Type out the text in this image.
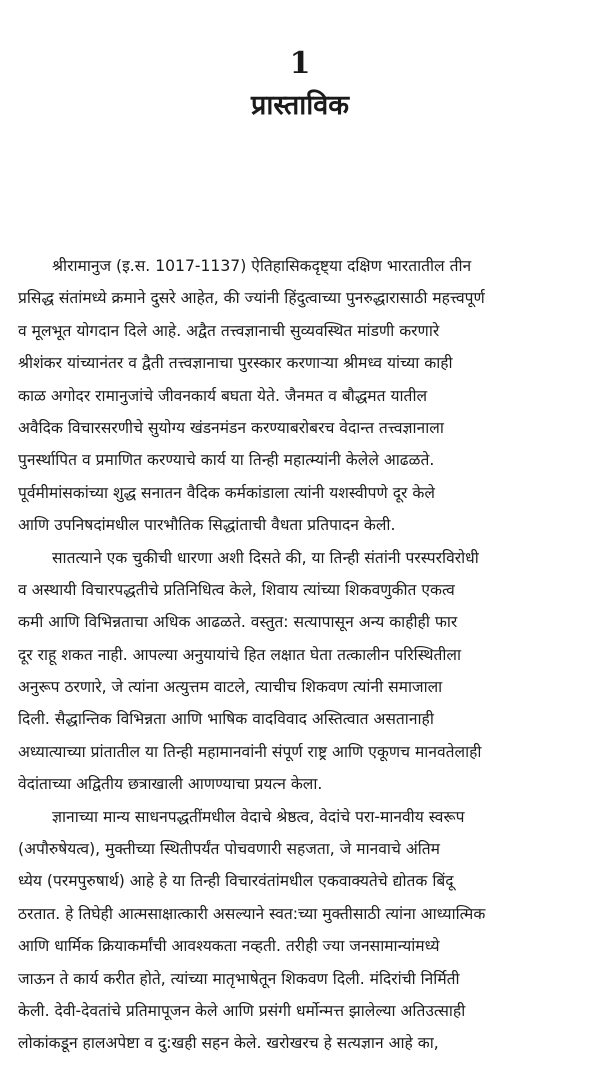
1
प्रास्ताविक
श्रीरामानुज (इ.स. 1017-1137) ऐतिहासिकदृष्ट्या दक्षिण भारतातील तीन
प्रसिद्ध संतांमध्ये क्रमाने दुसरे आहेत, की ज्यांनी हिंदुत्वाच्या पुनरुद्धारासाठी महत्त्वपूर्ण
व मूलभूत योगदान दिले आहे. अद्वैत तत्त्वज्ञानाची सुव्यवस्थित मांडणी करणारे
श्रीशंकर यांच्यानंतर व द्वैती तत्त्वज्ञानाचा पुरस्कार करणाऱ्या श्रीमध्व यांच्या काही
काळ अगोदर रामानुजांचे जीवनकार्य बघता येते. जैनमत व बौद्धमत यातील
अवैदिक विचारसरणीचे सुयोग्य खंडनमंडन करण्याबरोबरच वेदान्त तत्त्वज्ञानाला
पुनर्स्थापित व प्रमाणित करण्याचे कार्य या तिन्ही महात्म्यांनी केलेले आढळते.
पूर्वमीमांसकांच्या शुद्ध सनातन वैदिक कर्मकांडाला त्यांनी यशस्वीपणे दूर केले
आणि उपनिषदांमधील पारभौतिक सिद्धांताची वैधता प्रतिपादन केली.
सातत्याने एक चुकीची धारणा अशी दिसते की, या तिन्ही संतांनी परस्परविरोधी
व अस्थायी विचारपद्धतीचे प्रतिनिधित्व केले, शिवाय त्यांच्या शिकवणुकीत एकत्व
कमी आणि विभिन्नताचा अधिक आढळते. वस्तुत: सत्यापासून अन्य काहीही फार
दूर राहू शकत नाही. आपल्या अनुयायांचे हित लक्षात घेता तत्कालीन परिस्थितीला
अनुरूप ठरणारे, जे त्यांना अत्युत्तम वाटले, त्याचीच शिकवण त्यांनी समाजाला
दिली. सैद्धान्तिक विभिन्नता आणि भाषिक वादविवाद अस्तित्वात असतानाही
अध्यात्याच्या प्रांतातील या तिन्ही महामानवांनी संपूर्ण राष्ट्र आणि एकूणच मानवतेलाही
वेदांताच्या अद्वितीय छत्राखाली आणण्याचा प्रयत्न केला.
ज्ञानाच्या मान्य साधनपद्धतींमधील वेदाचे श्रेष्ठत्व, वेदांचे परा-मानवीय स्वरूप
(अपौरुषेयत्व), मुक्तीच्या स्थितीपर्यंत पोचवणारी सहजता, जे मानवाचे अंतिम
ध्येय (परमपुरुषार्थ) आहे हे या तिन्ही विचारवंतांमधील एकवाक्यतेचे द्योतक बिंदू
ठरतात. हे तिघेही आत्मसाक्षात्कारी असल्याने स्वत:च्या मुक्तीसाठी त्यांना आध्यात्मिक
आणि धार्मिक क्रियाकर्मांची आवश्यकता नव्हती. तरीही ज्या जनसामान्यांमध्ये
जाऊन ते कार्य करीत होते, त्यांच्या मातृभाषेतून शिकवण दिली. मंदिरांची निर्मिती
केली. देवी-देवतांचे प्रतिमापूजन केले आणि प्रसंगी धर्मोन्मत्त झालेल्या अतिउत्साही
लोकांकडून हालअपेष्टा व दु:खही सहन केले. खरोखरच हे सत्यज्ञान आहे का,
